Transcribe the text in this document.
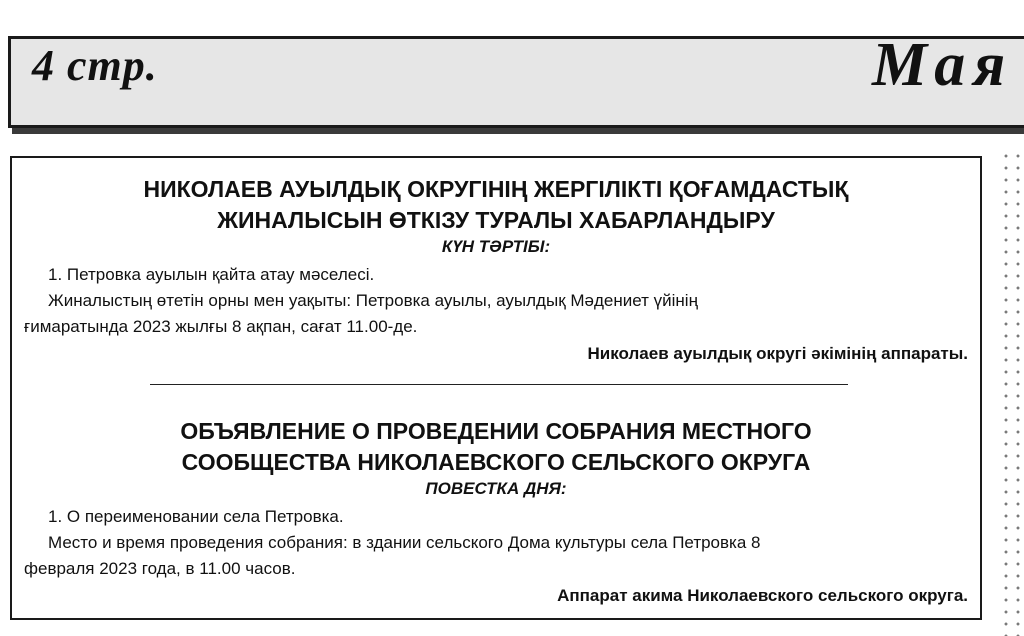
4 стр.	Мая

НИКОЛАЕВ АУЫЛДЫҚ ОКРУГІНІҢ ЖЕРГІЛІКТІ ҚОҒАМДАСТЫҚ

ЖИНАЛЫСЫН ӨТКІЗУ ТУРАЛЫ ХАБАРЛАНДЫРУ

КҮН ТӘРТІБІ:

1. Петровка ауылын қайта атау мәселесі.

Жиналыстың өтетін орны мен уақыты: Петровка ауылы, ауылдық Мәдениет үйінің

ғимаратында 2023 жылғы 8 ақпан, сағат 11.00-де.

Николаев ауылдық округі әкімінің аппараты.

ОБЪЯВЛЕНИЕ О ПРОВЕДЕНИИ СОБРАНИЯ МЕСТНОГО

СООБЩЕСТВА НИКОЛАЕВСКОГО СЕЛЬСКОГО ОКРУГА

ПОВЕСТКА ДНЯ:

1. О переименовании села Петровка.

Место и время проведения собрания: в здании сельского Дома культуры села Петровка 8

февраля 2023 года, в 11.00 часов.

Аппарат акима Николаевского сельского округа.
